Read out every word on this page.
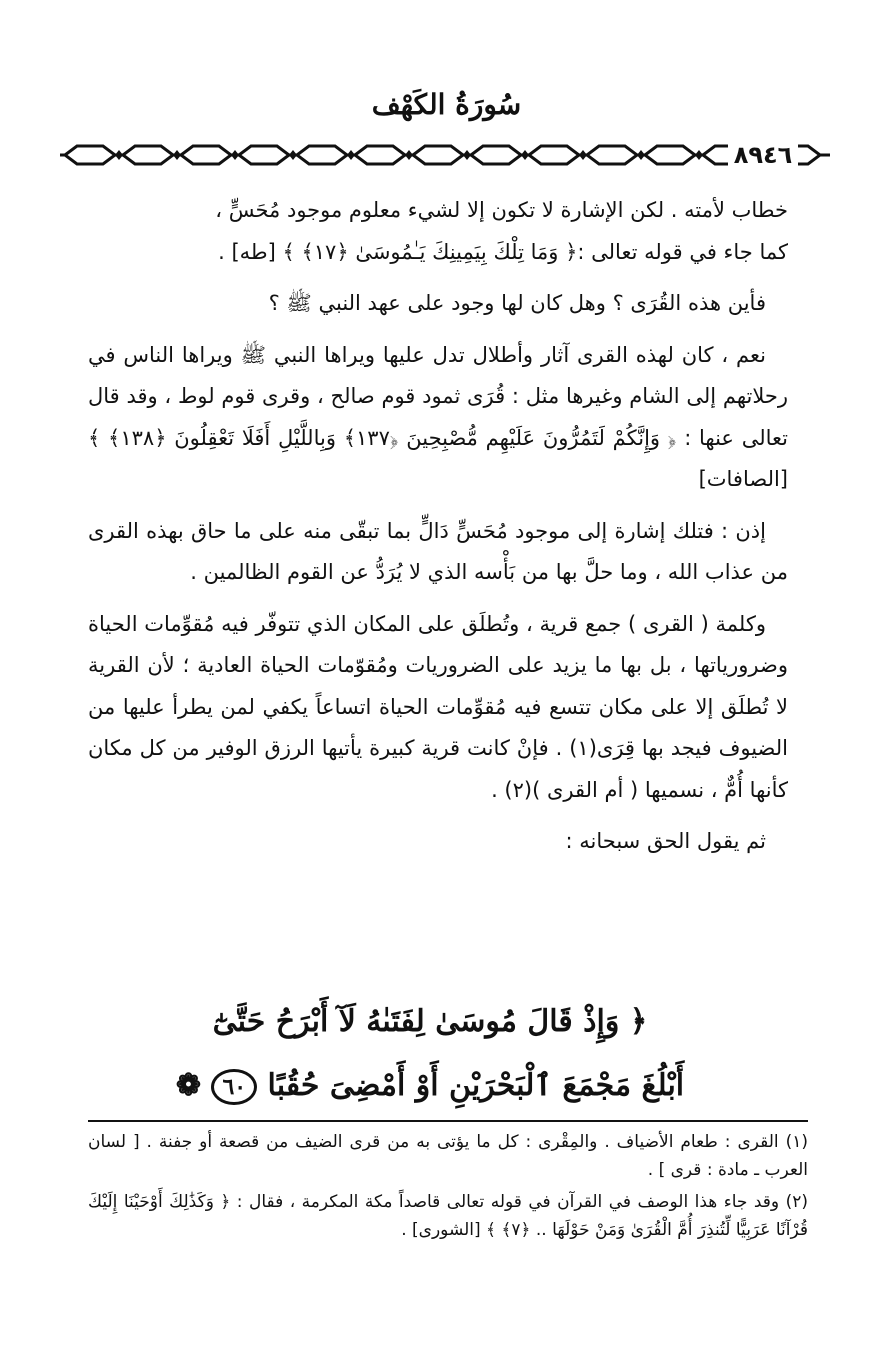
سُورَةُ الكَهْف
٨٩٤٦

خطاب لأمته . لكن الإشارة لا تكون إلا لشيء معلوم موجود مُحَسٍّ ،
كما جاء في قوله تعالى :﴿ وَمَا تِلْكَ بِيَمِينِكَ يَـٰمُوسَىٰ ﴿١٧﴾ ﴾ [طه] .

فأين هذه القُرَى ؟ وهل كان لها وجود على عهد النبي ﷺ ؟

نعم ، كان لهذه القرى آثار وأطلال تدل عليها ويراها النبي ﷺ ويراها الناس في رحلاتهم إلى الشام وغيرها مثل : قُرَى ثمود قوم صالح ، وقرى قوم لوط ، وقد قال تعالى عنها : ﴿ وَإِنَّكُمْ لَتَمُرُّونَ عَلَيْهِم مُّصْبِحِينَ ﴿١٣٧﴾ وَبِاللَّيْلِ أَفَلَا تَعْقِلُونَ ﴿١٣٨﴾ ﴾ [الصافات]

إذن : فتلك إشارة إلى موجود مُحَسٍّ دَالٍّ بما تبقّى منه على ما حاق بهذه القرى من عذاب الله ، وما حلَّ بها من بَأْسه الذي لا يُرَدُّ عن القوم الظالمين .

وكلمة ( القرى ) جمع قرية ، وتُطلَق على المكان الذي تتوفّر فيه مُقوِّمات الحياة وضرورياتها ، بل بها ما يزيد على الضروريات ومُقوّمات الحياة العادية ؛ لأن القرية لا تُطلَق إلا على مكان تتسع فيه مُقوِّمات الحياة اتساعاً يكفي لمن يطرأ عليها من الضيوف فيجد بها قِرَى(١) . فإنْ كانت قرية كبيرة يأتيها الرزق الوفير من كل مكان كأنها أُمٌّ ، نسميها ( أم القرى )(٢) .

ثم يقول الحق سبحانه :

﴿ وَإِذْ قَالَ مُوسَىٰ لِفَتَىٰهُ لَآ أَبْرَحُ حَتَّىٰٓ
أَبْلُغَ مَجْمَعَ ٱلْبَحْرَيْنِ أَوْ أَمْضِىَ حُقُبًا ٦٠ ❁

(١) القرى : طعام الأضياف . والمِقْرى : كل ما يؤتى به من قرى الضيف من قصعة أو جفنة . [ لسان العرب ـ مادة : قرى ] .

(٢) وقد جاء هذا الوصف في القرآن في قوله تعالى قاصداً مكة المكرمة ، فقال : ﴿ وَكَذَٰلِكَ أَوْحَيْنَا إِلَيْكَ قُرْآنًا عَرَبِيًّا لِّتُنذِرَ أُمَّ الْقُرَىٰ وَمَنْ حَوْلَهَا .. ﴿٧﴾ ﴾ [الشورى] .
